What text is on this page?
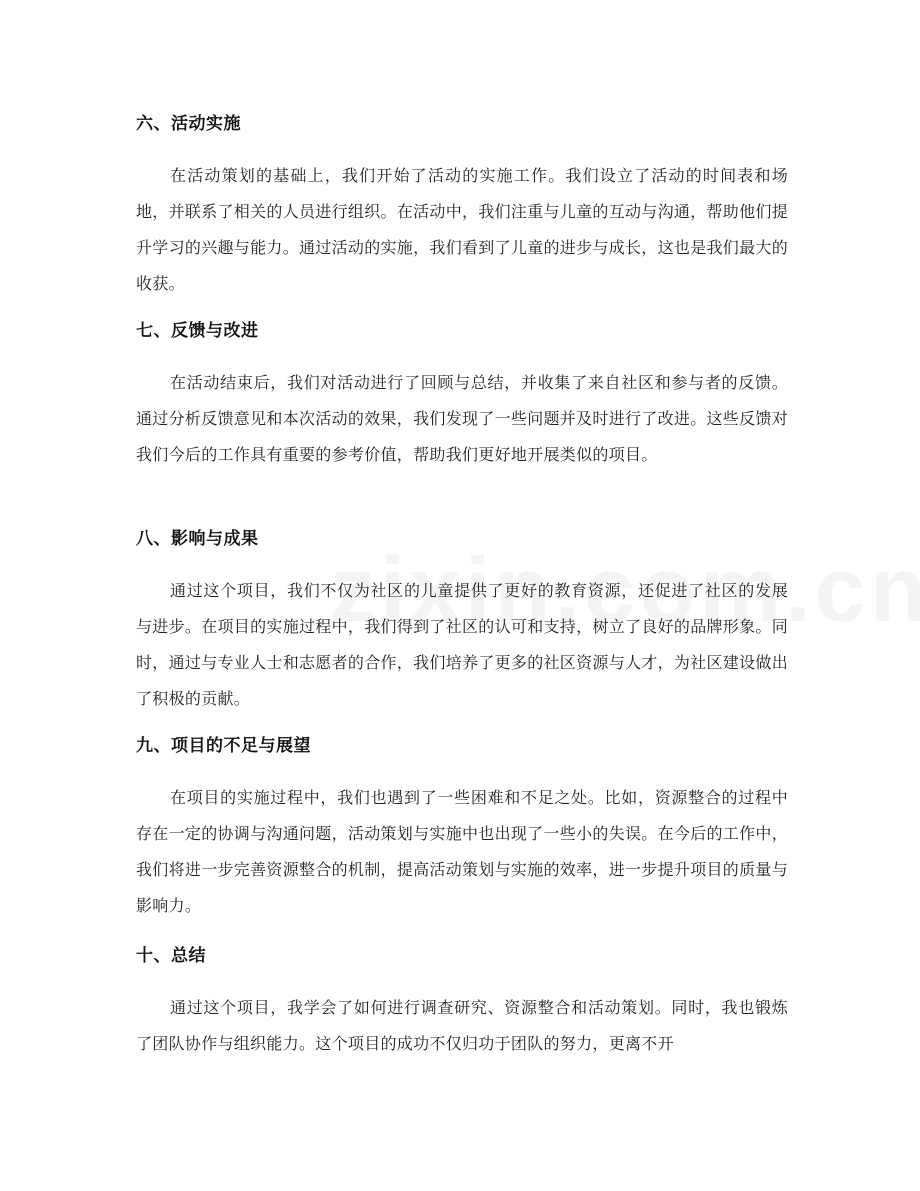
六、活动实施

在活动策划的基础上，我们开始了活动的实施工作。我们设立了活动的时间表和场地，并联系了相关的人员进行组织。在活动中，我们注重与儿童的互动与沟通，帮助他们提升学习的兴趣与能力。通过活动的实施，我们看到了儿童的进步与成长，这也是我们最大的收获。

七、反馈与改进

在活动结束后，我们对活动进行了回顾与总结，并收集了来自社区和参与者的反馈。通过分析反馈意见和本次活动的效果，我们发现了一些问题并及时进行了改进。这些反馈对我们今后的工作具有重要的参考价值，帮助我们更好地开展类似的项目。

八、影响与成果

通过这个项目，我们不仅为社区的儿童提供了更好的教育资源，还促进了社区的发展与进步。在项目的实施过程中，我们得到了社区的认可和支持，树立了良好的品牌形象。同时，通过与专业人士和志愿者的合作，我们培养了更多的社区资源与人才，为社区建设做出了积极的贡献。

九、项目的不足与展望

在项目的实施过程中，我们也遇到了一些困难和不足之处。比如，资源整合的过程中存在一定的协调与沟通问题，活动策划与实施中也出现了一些小的失误。在今后的工作中，我们将进一步完善资源整合的机制，提高活动策划与实施的效率，进一步提升项目的质量与影响力。

十、总结

通过这个项目，我学会了如何进行调查研究、资源整合和活动策划。同时，我也锻炼了团队协作与组织能力。这个项目的成功不仅归功于团队的努力，更离不开
